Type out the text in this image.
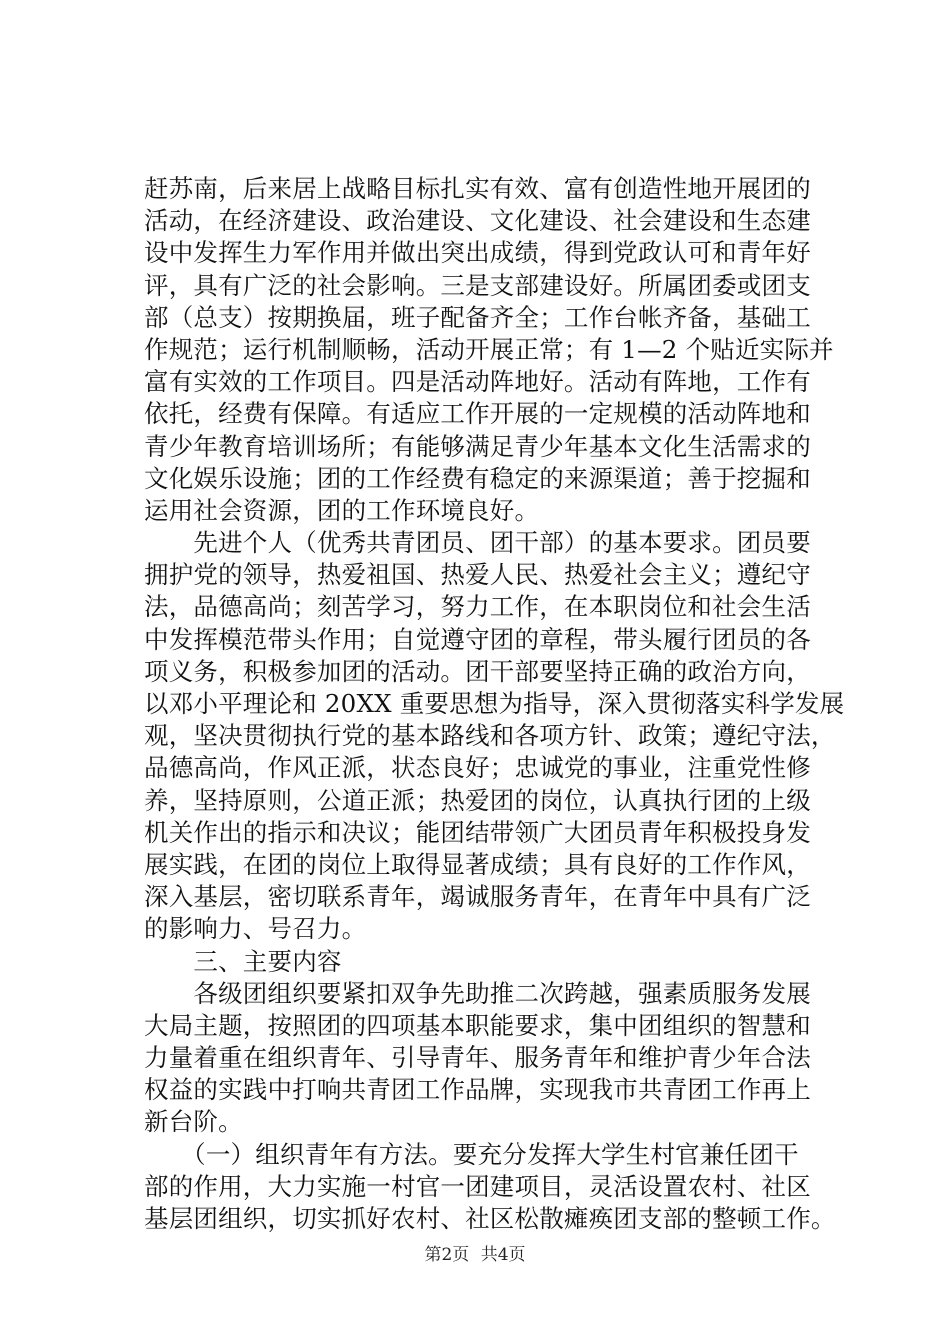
赶苏南，后来居上战略目标扎实有效、富有创造性地开展团的
活动，在经济建设、政治建设、文化建设、社会建设和生态建
设中发挥生力军作用并做出突出成绩，得到党政认可和青年好
评，具有广泛的社会影响。三是支部建设好。所属团委或团支
部（总支）按期换届，班子配备齐全；工作台帐齐备，基础工
作规范；运行机制顺畅，活动开展正常；有 1—2 个贴近实际并
富有实效的工作项目。四是活动阵地好。活动有阵地，工作有
依托，经费有保障。有适应工作开展的一定规模的活动阵地和
青少年教育培训场所；有能够满足青少年基本文化生活需求的
文化娱乐设施；团的工作经费有稳定的来源渠道；善于挖掘和
运用社会资源，团的工作环境良好。
　　先进个人（优秀共青团员、团干部）的基本要求。团员要
拥护党的领导，热爱祖国、热爱人民、热爱社会主义；遵纪守
法，品德高尚；刻苦学习，努力工作，在本职岗位和社会生活
中发挥模范带头作用；自觉遵守团的章程，带头履行团员的各
项义务，积极参加团的活动。团干部要坚持正确的政治方向，
以邓小平理论和 20XX 重要思想为指导，深入贯彻落实科学发展
观，坚决贯彻执行党的基本路线和各项方针、政策；遵纪守法，
品德高尚，作风正派，状态良好；忠诚党的事业，注重党性修
养，坚持原则，公道正派；热爱团的岗位，认真执行团的上级
机关作出的指示和决议；能团结带领广大团员青年积极投身发
展实践，在团的岗位上取得显著成绩；具有良好的工作作风，
深入基层，密切联系青年，竭诚服务青年，在青年中具有广泛
的影响力、号召力。
　　三、主要内容
　　各级团组织要紧扣双争先助推二次跨越，强素质服务发展
大局主题，按照团的四项基本职能要求，集中团组织的智慧和
力量着重在组织青年、引导青年、服务青年和维护青少年合法
权益的实践中打响共青团工作品牌，实现我市共青团工作再上
新台阶。
　　（一）组织青年有方法。要充分发挥大学生村官兼任团干
部的作用，大力实施一村官一团建项目，灵活设置农村、社区
基层团组织，切实抓好农村、社区松散瘫痪团支部的整顿工作。
第2页 共4页
